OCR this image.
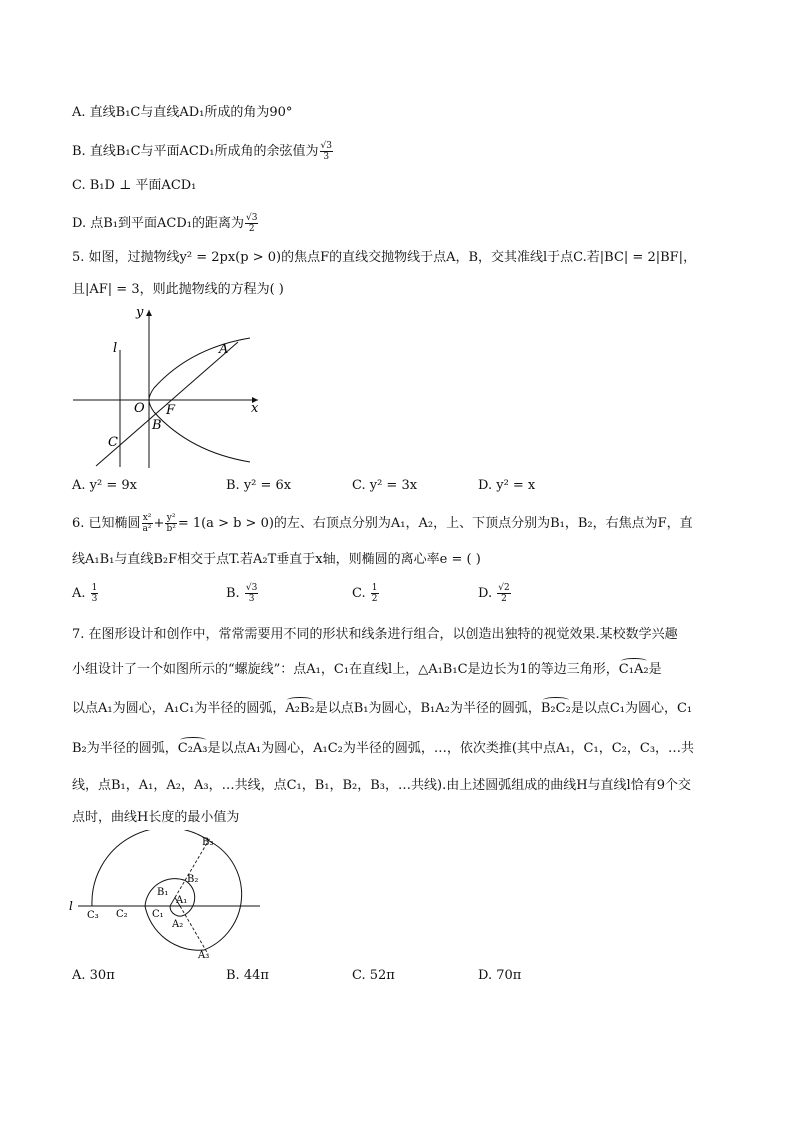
A. 直线B₁C与直线AD₁所成的角为90°
B. 直线B₁C与平面ACD₁所成角的余弦值为 $\frac{√3}{3}$
C. B₁D ⊥ 平面ACD₁
D. 点B₁到平面ACD₁的距离为 $\frac{√3}{2}$
5. 如图，过抛物线y² = 2px(p > 0)的焦点F的直线交抛物线于点A，B，交其准线l于点C.若|BC| = 2|BF|，
且|AF| = 3，则此抛物线的方程为( )
y
x
l	A
O F
B
C
A. y² = 9x	B. y² = 6x	C. y² = 3x	D. y² = x
6. 已知椭圆 $\frac{\text{x²}}{\text{a²}} + \frac{\text{y²}}{\text{b²}} = 1(a > b > 0)$的左、右顶点分别为A₁，A₂，上、下顶点分别为B₁，B₂，右焦点为F，直
线A₁B₁与直线B₂F相交于点T.若A₂T垂直于x轴，则椭圆的离心率e = ( )
A. $\frac{1}{3}$	B. $\frac{√3}{3}$	C. $\frac{1}{2}$	D. $\frac{√2}{2}$
7. 在图形设计和创作中，常常需要用不同的形状和线条进行组合，以创造出独特的视觉效果.某校数学兴趣
小组设计了一个如图所示的“螺旋线”：点A₁，C₁在直线l上，△A₁B₁C是边长为1的等边三角形，C₁A₂是
以点A₁为圆心，A₁C₁为半径的圆弧，A₂B₂是以点B₁为圆心，B₁A₂为半径的圆弧，B₂C₂是以点C₁为圆心，C₁
B₂为半径的圆弧，C₂A₃是以点A₁为圆心，A₁C₂为半径的圆弧，…，依次类推(其中点A₁，C₁，C₂，C₃，…共
线，点B₁，A₁，A₂，A₃，…共线，点C₁，B₁，B₂，B₃，…共线).由上述圆弧组成的曲线H与直线l恰有9个交
点时，曲线H长度的最小值为
l
B₃
B₂
B₁
A₁
A₂
A₃
C₁
C₂
C₃
A. 30π	B. 44π	C. 52π	D. 70π
